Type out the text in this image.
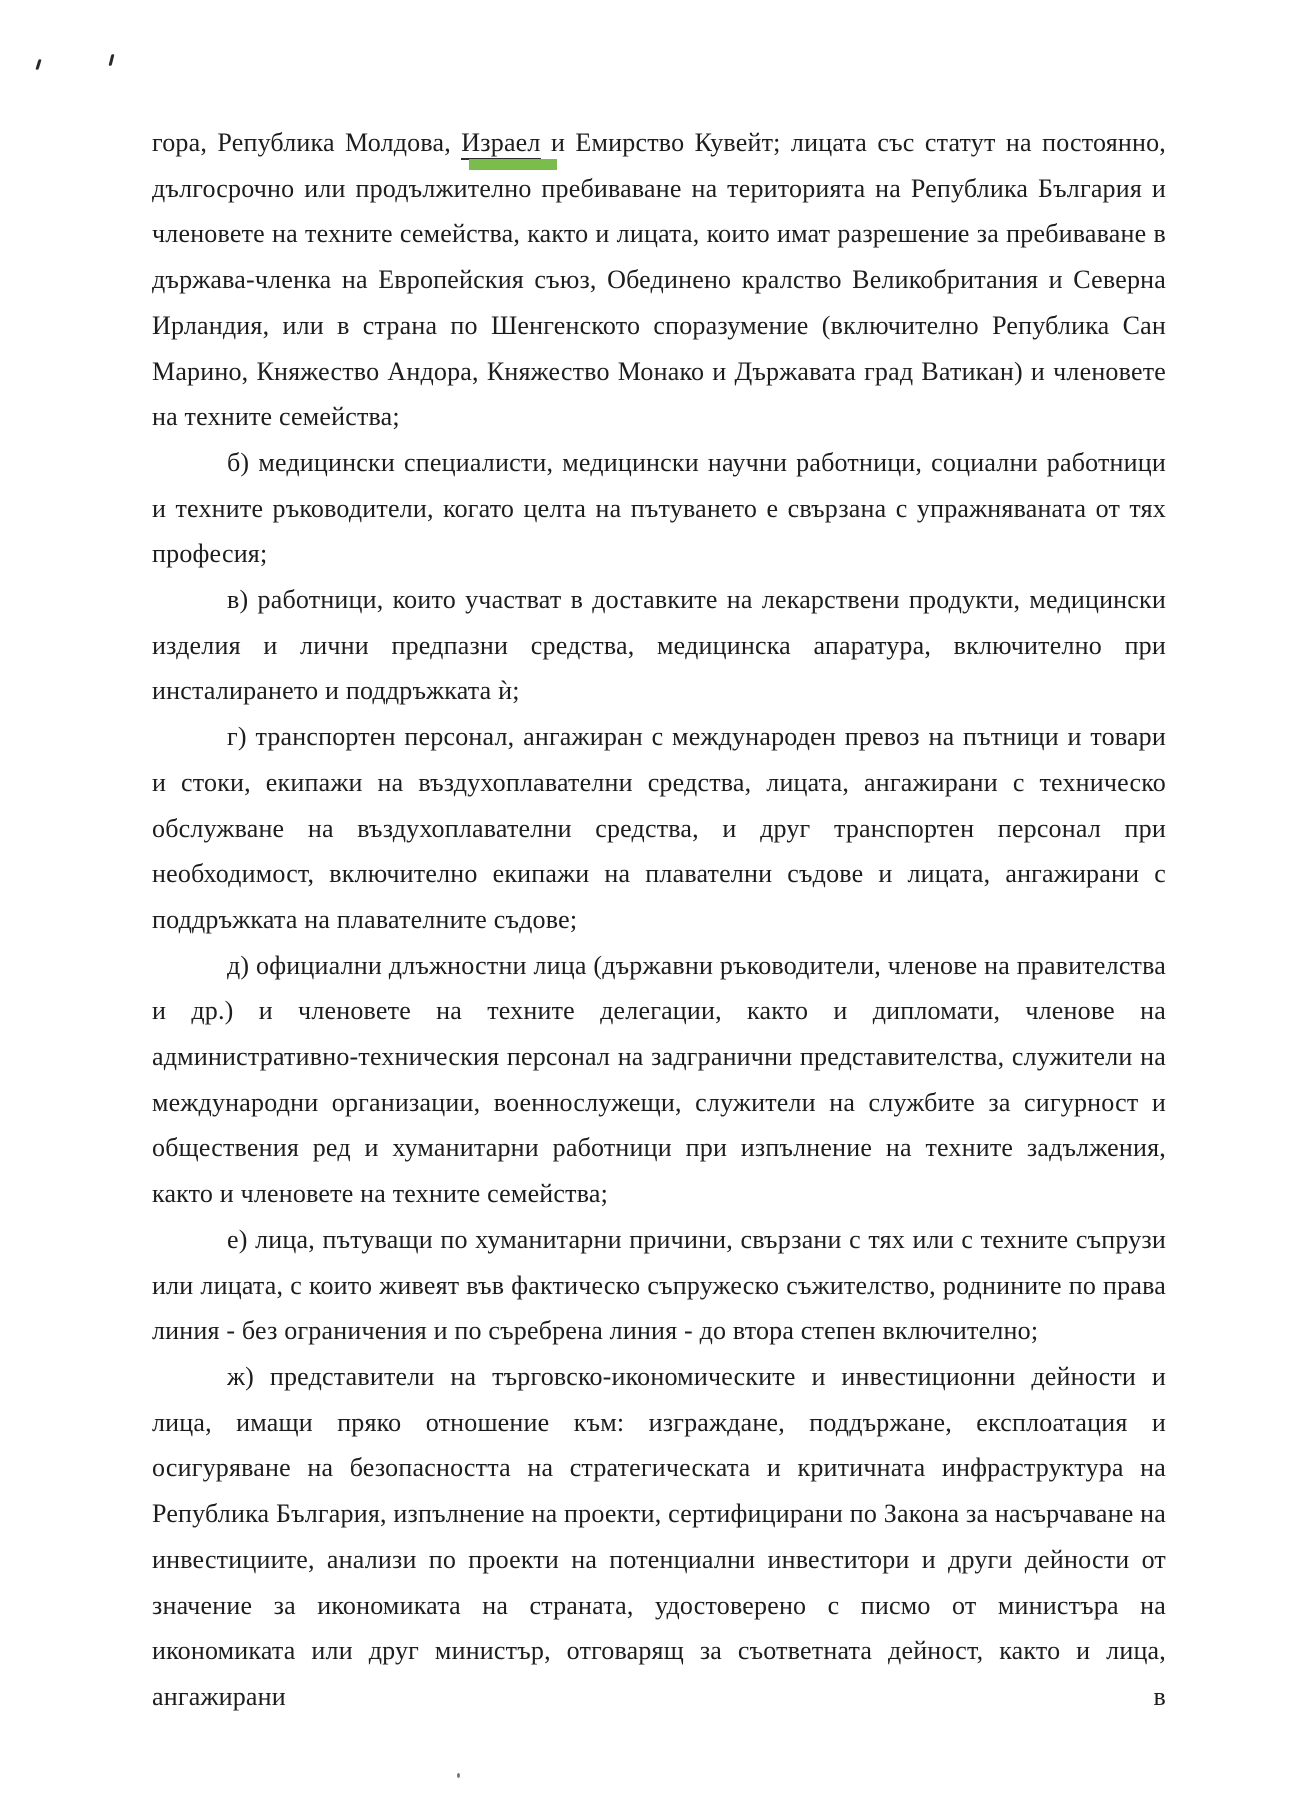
гора, Република Молдова, Израел
и Емирство Кувейт; лицата със статут на постоянно, дългосрочно или продължително пребиваване на територията на Република България и членовете на техните семейства, както и лицата, които имат разрешение за пребиваване в държава-членка на Европейския съюз, Обединено кралство Великобритания и Северна Ирландия, или в страна по Шенгенското споразумение (включително Република Сан Марино, Княжество Андора, Княжество Монако и Държавата град Ватикан) и членовете на техните семейства;

б) медицински специалисти, медицински научни работници, социални работници и техните ръководители, когато целта на пътуването е свързана с упражняваната от тях професия;

в) работници, които участват в доставките на лекарствени продукти, медицински изделия и лични предпазни средства, медицинска апаратура, включително при инсталирането и поддръжката ѝ;

г) транспортен персонал, ангажиран с международен превоз на пътници и товари и стоки, екипажи на въздухоплавателни средства, лицата, ангажирани с техническо обслужване на въздухоплавателни средства, и друг транспортен персонал при необходимост, включително екипажи на плавателни съдове и лицата, ангажирани с поддръжката на плавателните съдове;

д) официални длъжностни лица (държавни ръководители, членове на правителства и др.) и членовете на техните делегации, както и дипломати, членове на административно-техническия персонал на задгранични представителства, служители на международни организации, военнослужещи, служители на службите за сигурност и обществения ред и хуманитарни работници при изпълнение на техните задължения, както и членовете на техните семейства;

е) лица, пътуващи по хуманитарни причини, свързани с тях или с техните съпрузи или лицата, с които живеят във фактическо съпружеско съжителство, роднините по права линия - без ограничения и по съребрена линия - до втора степен включително;

ж) представители на търговско-икономическите и инвестиционни дейности и лица, имащи пряко отношение към: изграждане, поддържане, експлоатация и осигуряване на безопасността на стратегическата и критичната инфраструктура на Република България, изпълнение на проекти, сертифицирани по Закона за насърчаване на инвестициите, анализи по проекти на потенциални инвеститори и други дейности от значение за икономиката на страната, удостоверено с писмо от министъра на икономиката или друг министър, отговарящ за съответната дейност, както и лица, ангажирани в
